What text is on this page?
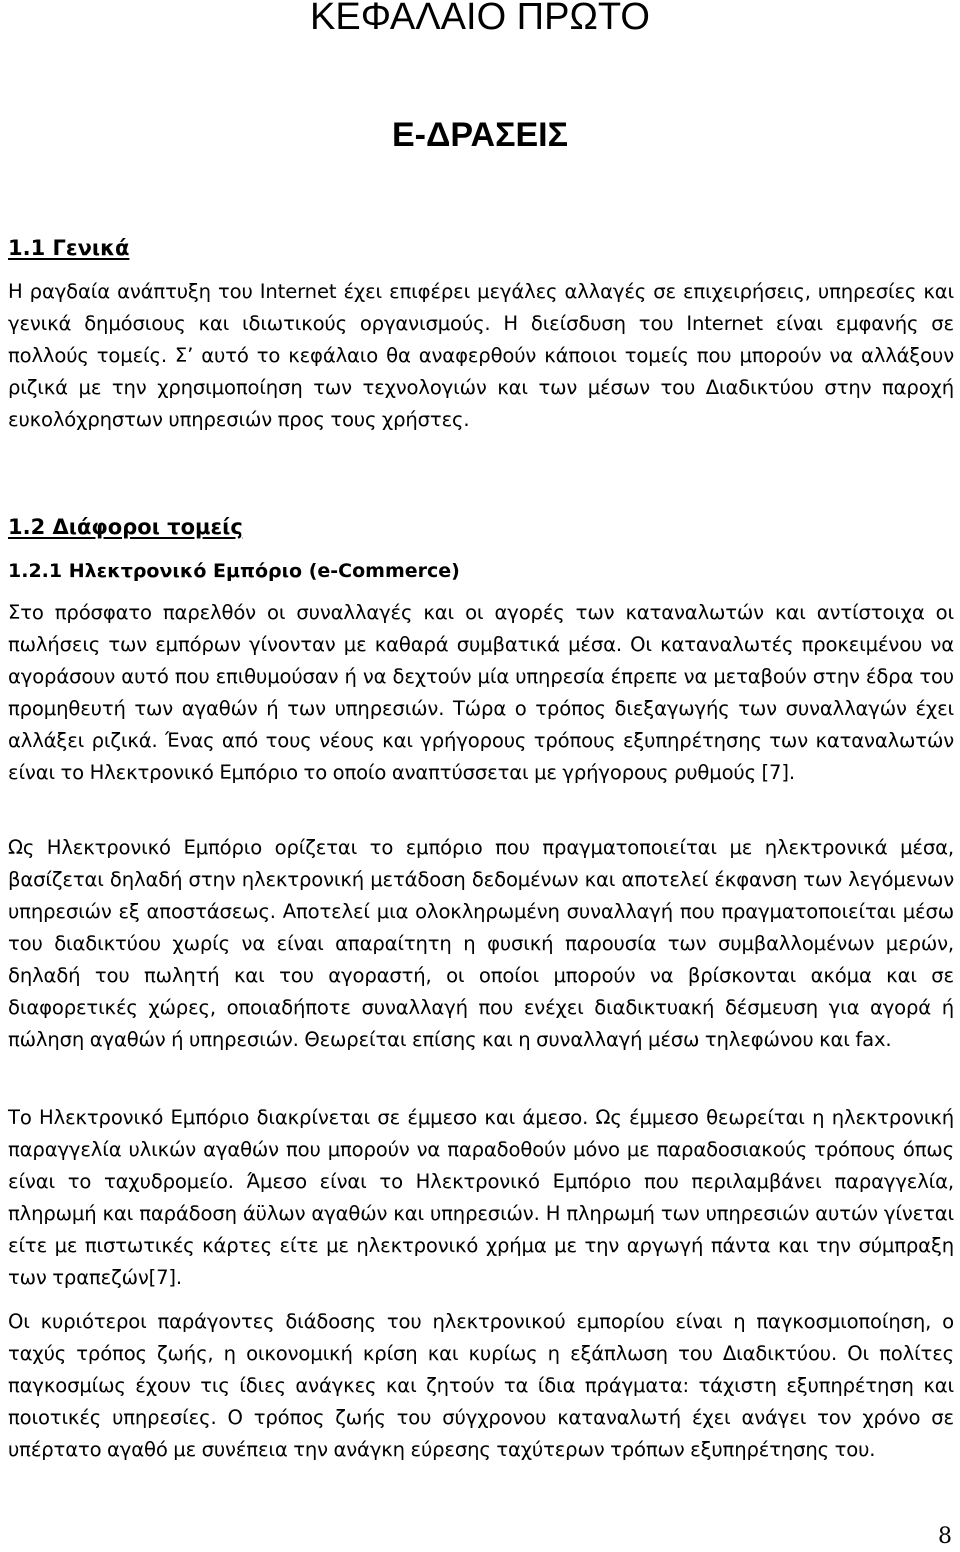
ΚΕΦΑΛΑΙΟ ΠΡΩΤΟ
Ε-ΔΡΑΣΕΙΣ
1.1 Γενικά

Η ραγδαία ανάπτυξη του Internet έχει επιφέρει μεγάλες αλλαγές σε επιχειρήσεις, υπηρεσίες και γενικά δημόσιους και ιδιωτικούς οργανισμούς. Η διείσδυση του Internet είναι εμφανής σε πολλούς τομείς. Σ’ αυτό το κεφάλαιο θα αναφερθούν κάποιοι τομείς που μπορούν να αλλάξουν ριζικά με την χρησιμοποίηση των τεχνολογιών και των μέσων του Διαδικτύου στην παροχή ευκολόχρηστων υπηρεσιών προς τους χρήστες.

1.2 Διάφοροι τομείς
1.2.1 Ηλεκτρονικό Εμπόριο (e-Commerce)

Στο πρόσφατο παρελθόν οι συναλλαγές και οι αγορές των καταναλωτών και αντίστοιχα οι πωλήσεις των εμπόρων γίνονταν με καθαρά συμβατικά μέσα. Οι καταναλωτές προκειμένου να αγοράσουν αυτό που επιθυμούσαν ή να δεχτούν μία υπηρεσία έπρεπε να μεταβούν στην έδρα του προμηθευτή των αγαθών ή των υπηρεσιών. Τώρα ο τρόπος διεξαγωγής των συναλλαγών έχει αλλάξει ριζικά. Ένας από τους νέους και γρήγορους τρόπους εξυπηρέτησης των καταναλωτών είναι το Ηλεκτρονικό Εμπόριο το οποίο αναπτύσσεται με γρήγορους ρυθμούς [7].

Ως Ηλεκτρονικό Εμπόριο ορίζεται το εμπόριο που πραγματοποιείται με ηλεκτρονικά μέσα, βασίζεται δηλαδή στην ηλεκτρονική μετάδοση δεδομένων και αποτελεί έκφανση των λεγόμενων υπηρεσιών εξ αποστάσεως. Αποτελεί μια ολοκληρωμένη συναλλαγή που πραγματοποιείται μέσω του διαδικτύου χωρίς να είναι απαραίτητη η φυσική παρουσία των συμβαλλομένων μερών, δηλαδή του πωλητή και του αγοραστή, οι οποίοι μπορούν να βρίσκονται ακόμα και σε διαφορετικές χώρες, οποιαδήποτε συναλλαγή που ενέχει διαδικτυακή δέσμευση για αγορά ή πώληση αγαθών ή υπηρεσιών. Θεωρείται επίσης και η συναλλαγή μέσω τηλεφώνου και fax.

Το Ηλεκτρονικό Εμπόριο διακρίνεται σε έμμεσο και άμεσο. Ως έμμεσο θεωρείται η ηλεκτρονική παραγγελία υλικών αγαθών που μπορούν να παραδοθούν μόνο με παραδοσιακούς τρόπους όπως είναι το ταχυδρομείο. Άμεσο είναι το Ηλεκτρονικό Εμπόριο που περιλαμβάνει παραγγελία, πληρωμή και παράδοση άϋλων αγαθών και υπηρεσιών. Η πληρωμή των υπηρεσιών αυτών γίνεται είτε με πιστωτικές κάρτες είτε με ηλεκτρονικό χρήμα με την αργωγή πάντα και την σύμπραξη των τραπεζών[7].

Οι κυριότεροι παράγοντες διάδοσης του ηλεκτρονικού εμπορίου είναι η παγκοσμιοποίηση, ο ταχύς τρόπος ζωής, η οικονομική κρίση και κυρίως η εξάπλωση του Διαδικτύου. Οι πολίτες παγκοσμίως έχουν τις ίδιες ανάγκες και ζητούν τα ίδια πράγματα: τάχιστη εξυπηρέτηση και ποιοτικές υπηρεσίες. Ο τρόπος ζωής του σύγχρονου καταναλωτή έχει ανάγει τον χρόνο σε υπέρτατο αγαθό με συνέπεια την ανάγκη εύρεσης ταχύτερων τρόπων εξυπηρέτησης του.

8
